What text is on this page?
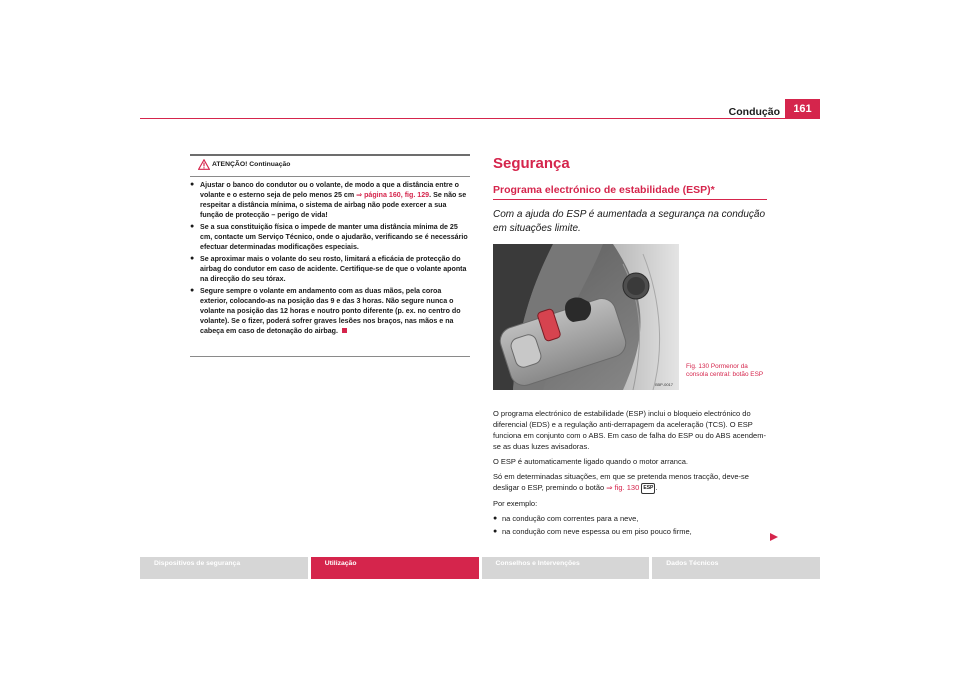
Condução	161
ATENÇÃO! Continuação
● Ajustar o banco do condutor ou o volante, de modo a que a distância entre o volante e o esterno seja de pelo menos 25 cm ⇒ página 160, fig. 129. Se não se respeitar a distância mínima, o sistema de airbag não pode exercer a sua função de protecção – perigo de vida!
● Se a sua constituição física o impede de manter uma distância mínima de 25 cm, contacte um Serviço Técnico, onde o ajudarão, verificando se é necessário efectuar determinadas modificações especiais.
● Se aproximar mais o volante do seu rosto, limitará a eficácia de protecção do airbag do condutor em caso de acidente. Certifique-se de que o volante aponta na direcção do seu tórax.
● Segure sempre o volante em andamento com as duas mãos, pela coroa exterior, colocando-as na posição das 9 e das 3 horas. Não segure nunca o volante na posição das 12 horas e noutro ponto diferente (p. ex. no centro do volante). Se o fizer, poderá sofrer graves lesões nos braços, nas mãos e na cabeça em caso de detonação do airbag.
Segurança
Programa electrónico de estabilidade (ESP)*
Com a ajuda do ESP é aumentada a segurança na condução em situações limite.
B5P-0017
Fig. 130 Pormenor da consola central: botão ESP

O programa electrónico de estabilidade (ESP) inclui o bloqueio electrónico do diferencial (EDS) e a regulação anti-derrapagem da aceleração (TCS). O ESP funciona em conjunto com o ABS. Em caso de falha do ESP ou do ABS acendem-se as duas luzes avisadoras.

O ESP é automaticamente ligado quando o motor arranca.

Só em determinadas situações, em que se pretenda menos tracção, deve-se desligar o ESP, premindo o botão ⇒ fig. 130 ESP .

Por exemplo:

● na condução com correntes para a neve,
● na condução com neve espessa ou em piso pouco firme,
Dispositivos de segurança	Utilização	Conselhos e Intervenções	Dados Técnicos
